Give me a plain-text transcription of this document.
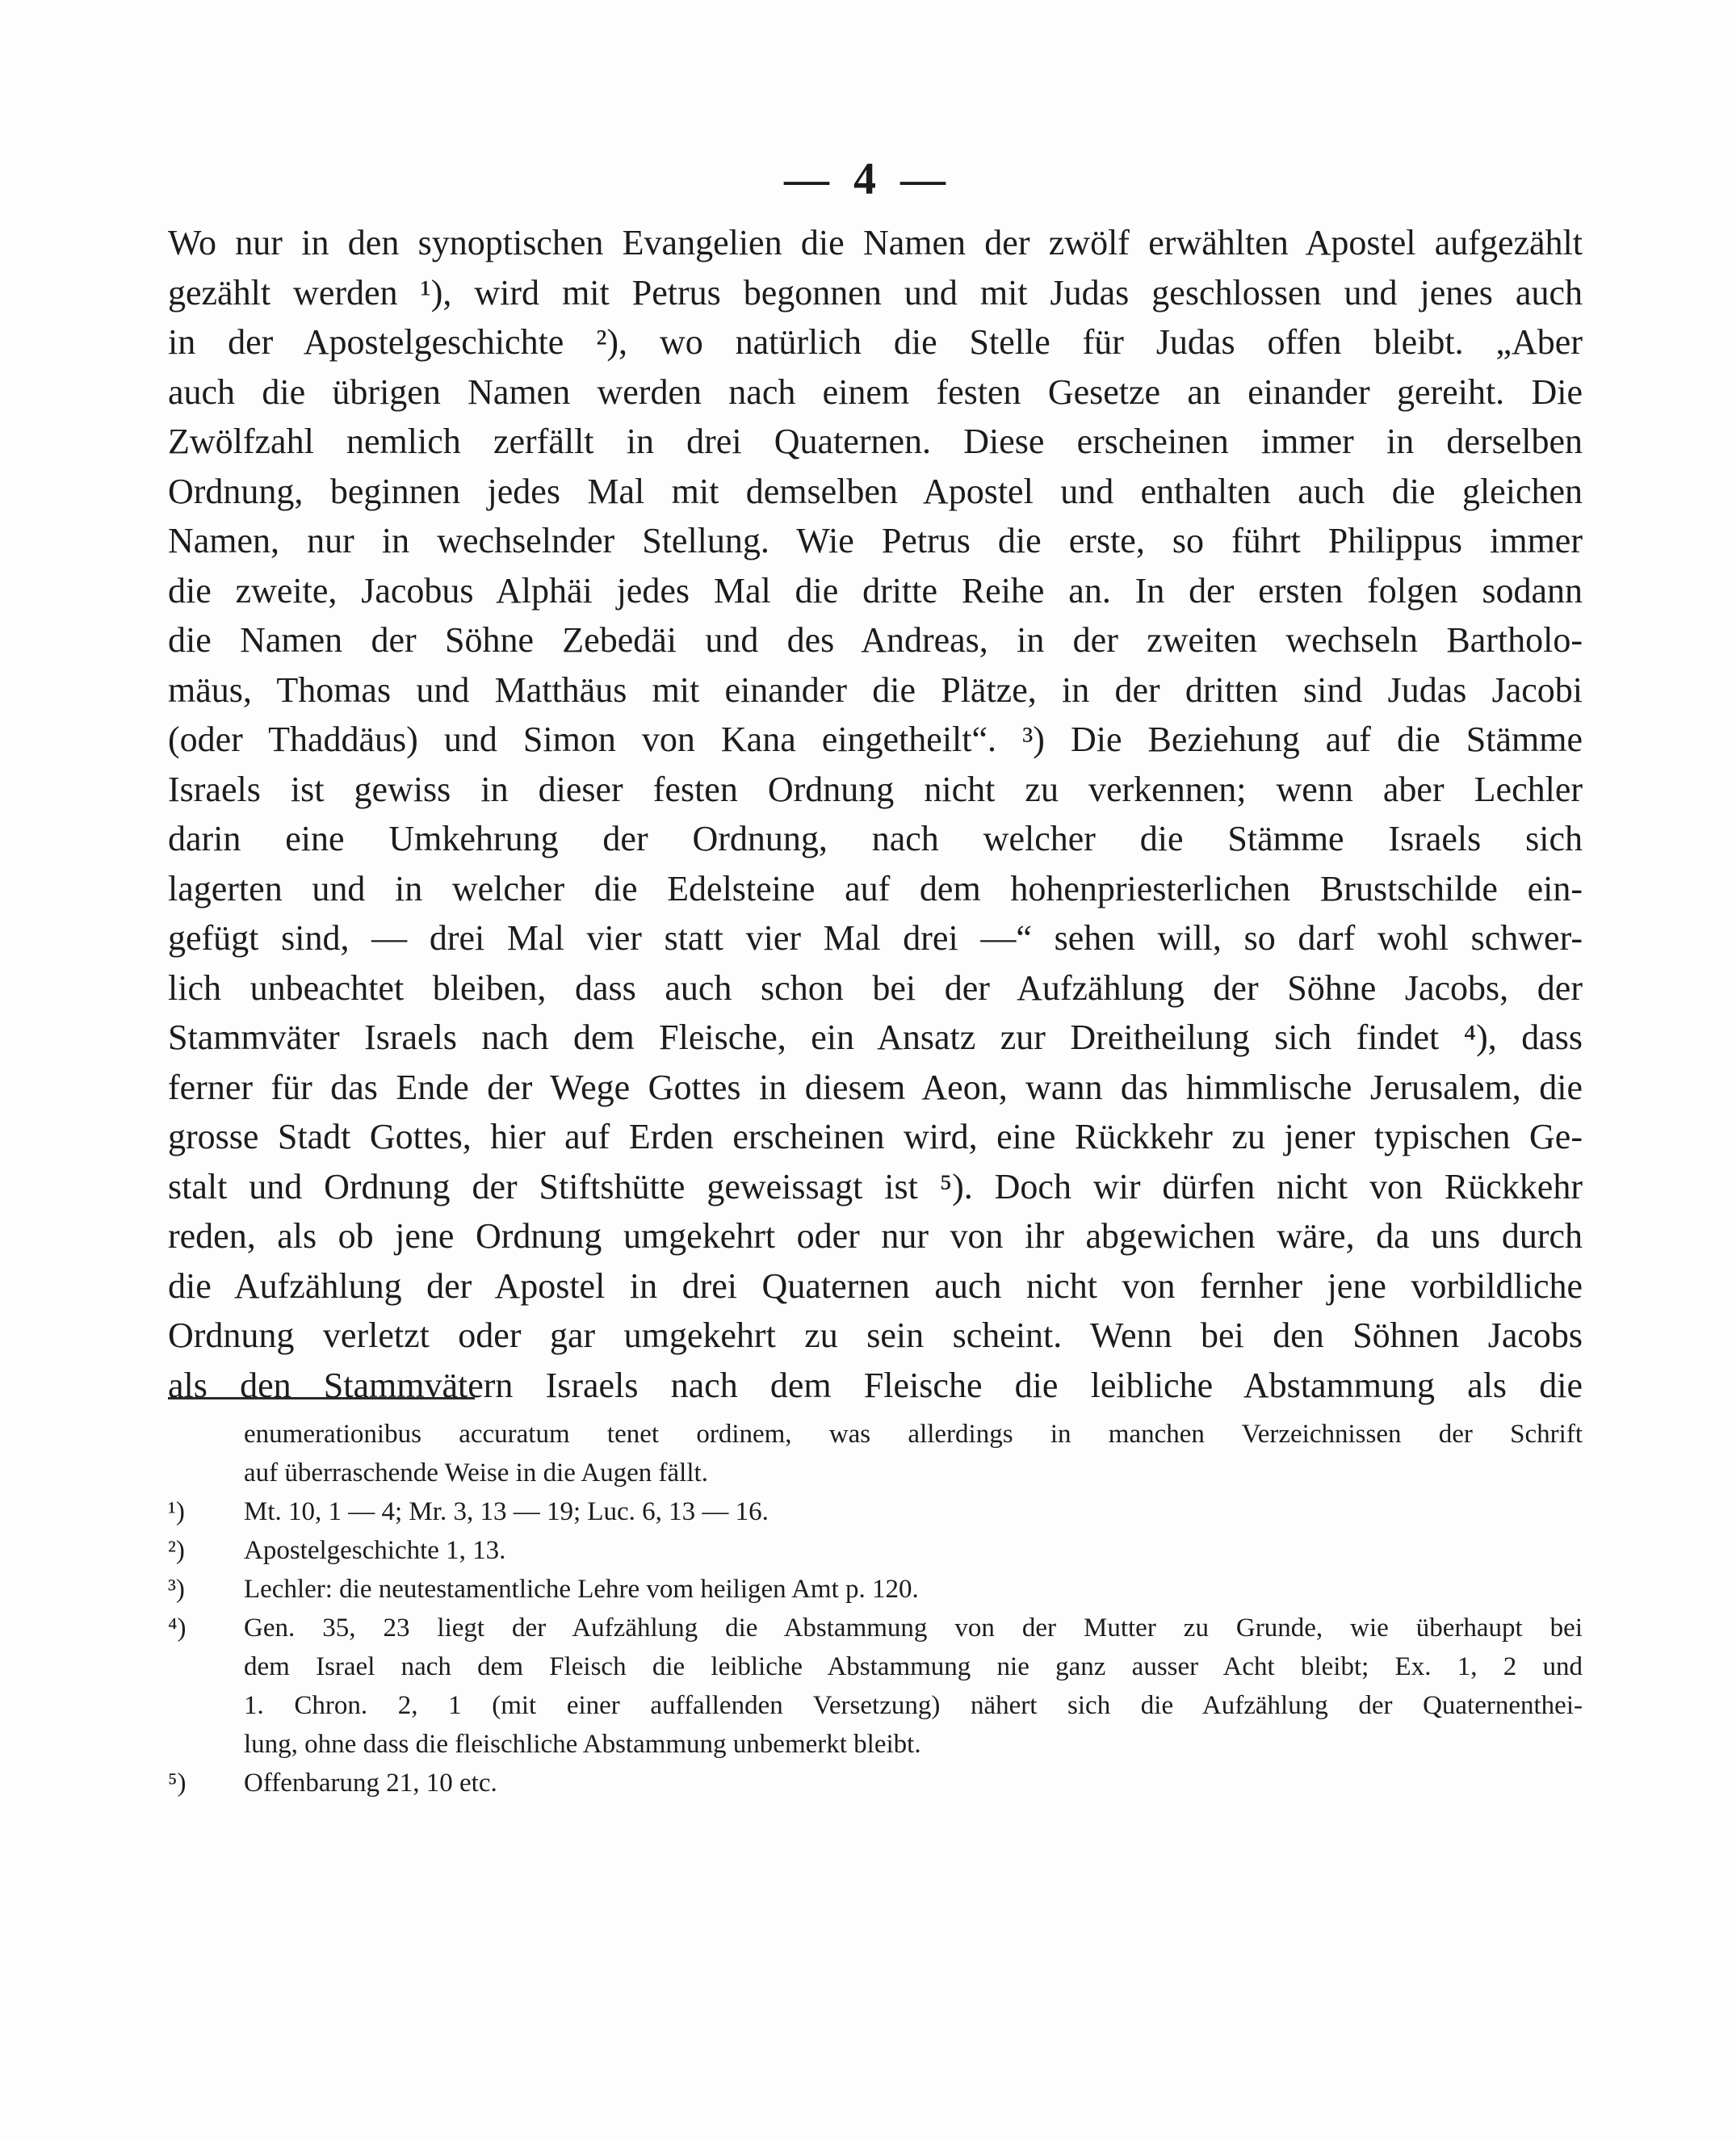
— 4 —
Wo nur in den synoptischen Evangelien die Namen der zwölf erwählten Apostel aufgezählt
gezählt werden ¹), wird mit Petrus begonnen und mit Judas geschlossen und jenes auch
in der Apostelgeschichte ²), wo natürlich die Stelle für Judas offen bleibt. „Aber
auch die übrigen Namen werden nach einem festen Gesetze an einander gereiht. Die
Zwölfzahl nemlich zerfällt in drei Quaternen. Diese erscheinen immer in derselben
Ordnung, beginnen jedes Mal mit demselben Apostel und enthalten auch die gleichen
Namen, nur in wechselnder Stellung. Wie Petrus die erste, so führt Philippus immer
die zweite, Jacobus Alphäi jedes Mal die dritte Reihe an. In der ersten folgen sodann
die Namen der Söhne Zebedäi und des Andreas, in der zweiten wechseln Bartholo-
mäus, Thomas und Matthäus mit einander die Plätze, in der dritten sind Judas Jacobi
(oder Thaddäus) und Simon von Kana eingetheilt“. ³) Die Beziehung auf die Stämme
Israels ist gewiss in dieser festen Ordnung nicht zu verkennen; wenn aber Lechler
darin eine Umkehrung der Ordnung, nach welcher die Stämme Israels sich
lagerten und in welcher die Edelsteine auf dem hohenpriesterlichen Brustschilde ein-
gefügt sind, — drei Mal vier statt vier Mal drei —“ sehen will, so darf wohl schwer-
lich unbeachtet bleiben, dass auch schon bei der Aufzählung der Söhne Jacobs, der
Stammväter Israels nach dem Fleische, ein Ansatz zur Dreitheilung sich findet ⁴), dass
ferner für das Ende der Wege Gottes in diesem Aeon, wann das himmlische Jerusalem, die
grosse Stadt Gottes, hier auf Erden erscheinen wird, eine Rückkehr zu jener typischen Ge-
stalt und Ordnung der Stiftshütte geweissagt ist ⁵). Doch wir dürfen nicht von Rückkehr
reden, als ob jene Ordnung umgekehrt oder nur von ihr abgewichen wäre, da uns durch
die Aufzählung der Apostel in drei Quaternen auch nicht von fernher jene vorbildliche
Ordnung verletzt oder gar umgekehrt zu sein scheint. Wenn bei den Söhnen Jacobs
als den Stammvätern Israels nach dem Fleische die leibliche Abstammung als die
enumerationibus accuratum tenet ordinem, was allerdings in manchen Verzeichnissen der Schrift
auf überraschende Weise in die Augen fällt.
¹)	Mt. 10, 1 — 4; Mr. 3, 13 — 19; Luc. 6, 13 — 16.
²)	Apostelgeschichte 1, 13.
³)	Lechler: die neutestamentliche Lehre vom heiligen Amt p. 120.
⁴)	Gen. 35, 23 liegt der Aufzählung die Abstammung von der Mutter zu Grunde, wie überhaupt bei
dem Israel nach dem Fleisch die leibliche Abstammung nie ganz ausser Acht bleibt; Ex. 1, 2 und
1. Chron. 2, 1 (mit einer auffallenden Versetzung) nähert sich die Aufzählung der Quaternenthei-
lung, ohne dass die fleischliche Abstammung unbemerkt bleibt.
⁵)	Offenbarung 21, 10 etc.
